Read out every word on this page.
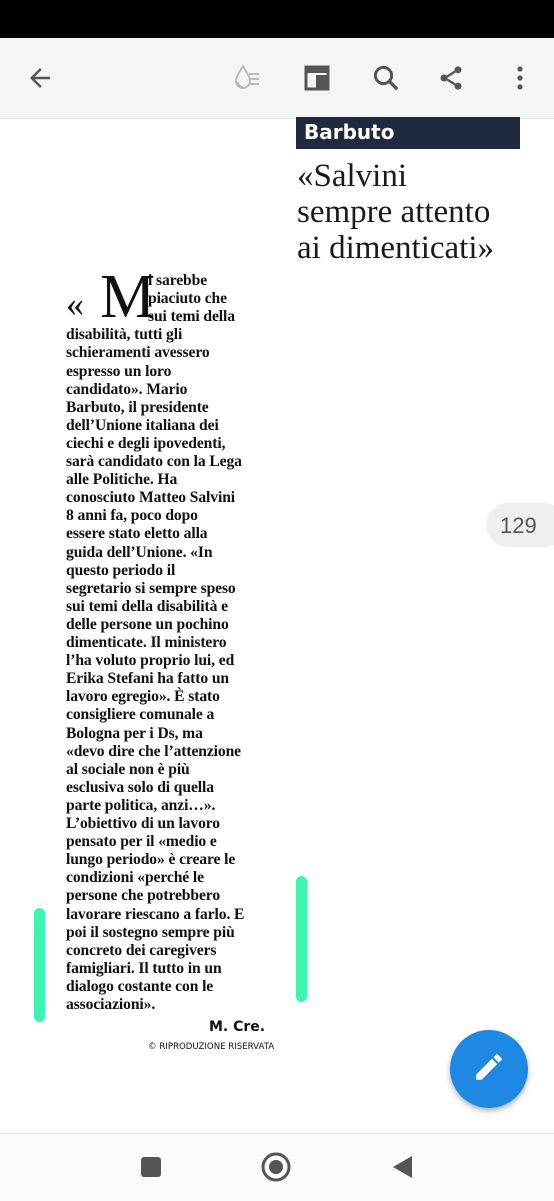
Barbuto
«Salvini
sempre attento
ai dimenticati»
« M
i sarebbe
piaciuto che
sui temi della
disabilità, tutti gli
schieramenti avessero
espresso un loro
candidato». Mario
Barbuto, il presidente
dell’Unione italiana dei
ciechi e degli ipovedenti,
sarà candidato con la Lega
alle Politiche. Ha
conosciuto Matteo Salvini
8 anni fa, poco dopo
essere stato eletto alla
guida dell’Unione. «In
questo periodo il
segretario si sempre speso
sui temi della disabilità e
delle persone un pochino
dimenticate. Il ministero
l’ha voluto proprio lui, ed
Erika Stefani ha fatto un
lavoro egregio». È stato
consigliere comunale a
Bologna per i Ds, ma
«devo dire che l’attenzione
al sociale non è più
esclusiva solo di quella
parte politica, anzi…».
L’obiettivo di un lavoro
pensato per il «medio e
lungo periodo» è creare le
condizioni «perché le
persone che potrebbero
lavorare riescano a farlo. E
poi il sostegno sempre più
concreto dei caregivers
famigliari. Il tutto in un
dialogo costante con le
associazioni».
M. Cre.
© RIPRODUZIONE RISERVATA
129
